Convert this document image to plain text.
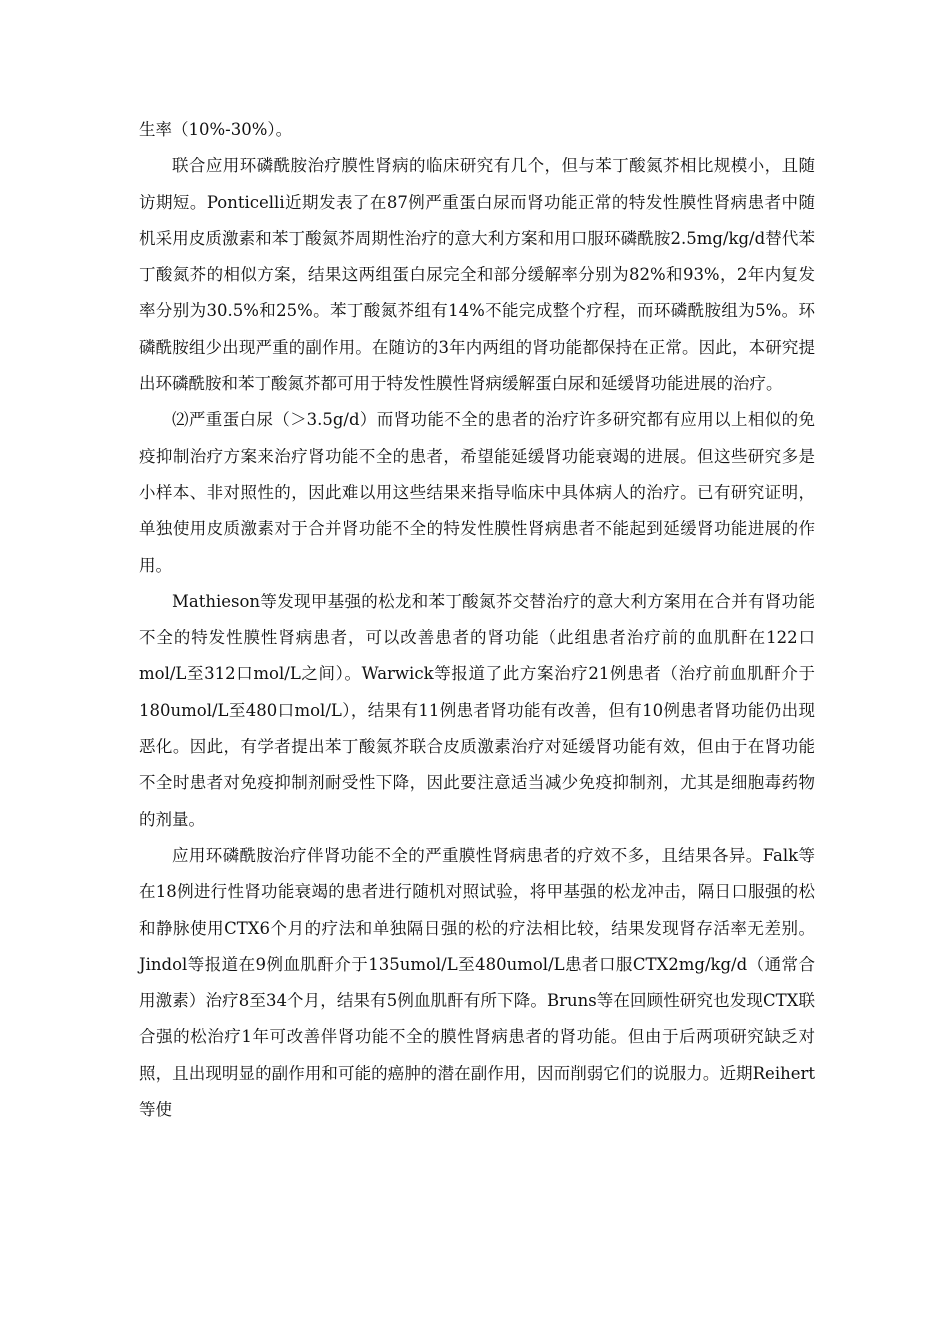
生率（10%-30%）。

联合应用环磷酰胺治疗膜性肾病的临床研究有几个，但与苯丁酸氮芥相比规模小，且随访期短。Ponticelli近期发表了在87例严重蛋白尿而肾功能正常的特发性膜性肾病患者中随机采用皮质激素和苯丁酸氮芥周期性治疗的意大利方案和用口服环磷酰胺2.5mg/kg/d替代苯丁酸氮芥的相似方案，结果这两组蛋白尿完全和部分缓解率分别为82%和93%，2年内复发率分别为30.5%和25%。苯丁酸氮芥组有14%不能完成整个疗程，而环磷酰胺组为5%。环磷酰胺组少出现严重的副作用。在随访的3年内两组的肾功能都保持在正常。因此，本研究提出环磷酰胺和苯丁酸氮芥都可用于特发性膜性肾病缓解蛋白尿和延缓肾功能进展的治疗。

⑵严重蛋白尿（＞3.5g/d）而肾功能不全的患者的治疗许多研究都有应用以上相似的免疫抑制治疗方案来治疗肾功能不全的患者，希望能延缓肾功能衰竭的进展。但这些研究多是小样本、非对照性的，因此难以用这些结果来指导临床中具体病人的治疗。已有研究证明，单独使用皮质激素对于合并肾功能不全的特发性膜性肾病患者不能起到延缓肾功能进展的作用。

Mathieson等发现甲基强的松龙和苯丁酸氮芥交替治疗的意大利方案用在合并有肾功能不全的特发性膜性肾病患者，可以改善患者的肾功能（此组患者治疗前的血肌酐在122口mol/L至312口mol/L之间）。Warwick等报道了此方案治疗21例患者（治疗前血肌酐介于180umol/L至480口mol/L），结果有11例患者肾功能有改善，但有10例患者肾功能仍出现恶化。因此，有学者提出苯丁酸氮芥联合皮质激素治疗对延缓肾功能有效，但由于在肾功能不全时患者对免疫抑制剂耐受性下降，因此要注意适当减少免疫抑制剂，尤其是细胞毒药物的剂量。

应用环磷酰胺治疗伴肾功能不全的严重膜性肾病患者的疗效不多，且结果各异。Falk等在18例进行性肾功能衰竭的患者进行随机对照试验，将甲基强的松龙冲击，隔日口服强的松和静脉使用CTX6个月的疗法和单独隔日强的松的疗法相比较，结果发现肾存活率无差别。Jindol等报道在9例血肌酐介于135umol/L至480umol/L患者口服CTX2mg/kg/d（通常合用激素）治疗8至34个月，结果有5例血肌酐有所下降。Bruns等在回顾性研究也发现CTX联合强的松治疗1年可改善伴肾功能不全的膜性肾病患者的肾功能。但由于后两项研究缺乏对照，且出现明显的副作用和可能的癌肿的潜在副作用，因而削弱它们的说服力。近期Reihert等使
